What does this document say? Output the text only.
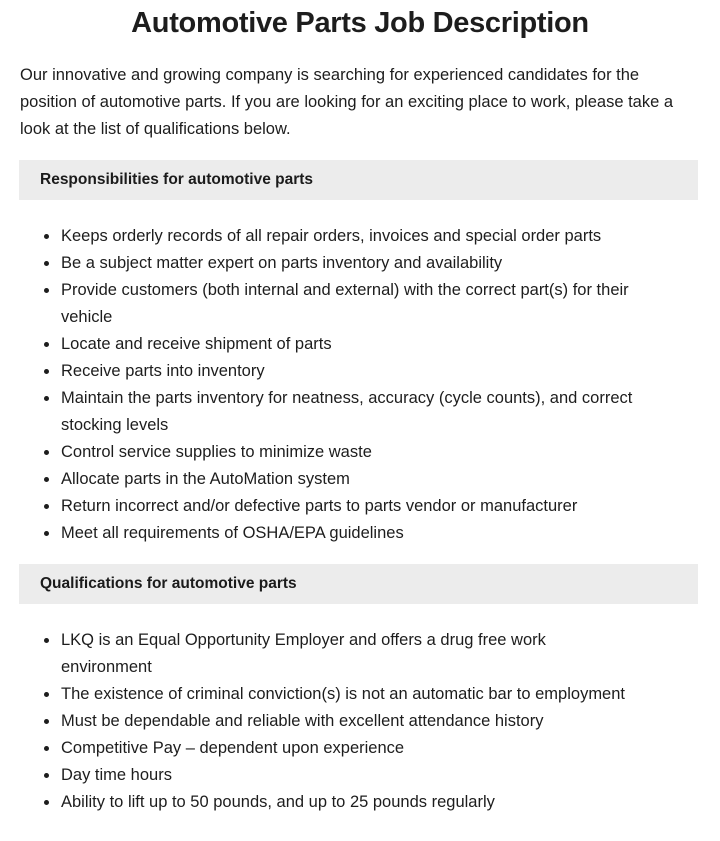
Automotive Parts Job Description

Our innovative and growing company is searching for experienced candidates for the position of automotive parts. If you are looking for an exciting place to work, please take a look at the list of qualifications below.

Responsibilities for automotive parts
Keeps orderly records of all repair orders, invoices and special order parts
Be a subject matter expert on parts inventory and availability
Provide customers (both internal and external) with the correct part(s) for their vehicle
Locate and receive shipment of parts
Receive parts into inventory
Maintain the parts inventory for neatness, accuracy (cycle counts), and correct stocking levels
Control service supplies to minimize waste
Allocate parts in the AutoMation system
Return incorrect and/or defective parts to parts vendor or manufacturer
Meet all requirements of OSHA/EPA guidelines
Qualifications for automotive parts
LKQ is an Equal Opportunity Employer and offers a drug free work environment
The existence of criminal conviction(s) is not an automatic bar to employment
Must be dependable and reliable with excellent attendance history
Competitive Pay – dependent upon experience
Day time hours
Ability to lift up to 50 pounds, and up to 25 pounds regularly
